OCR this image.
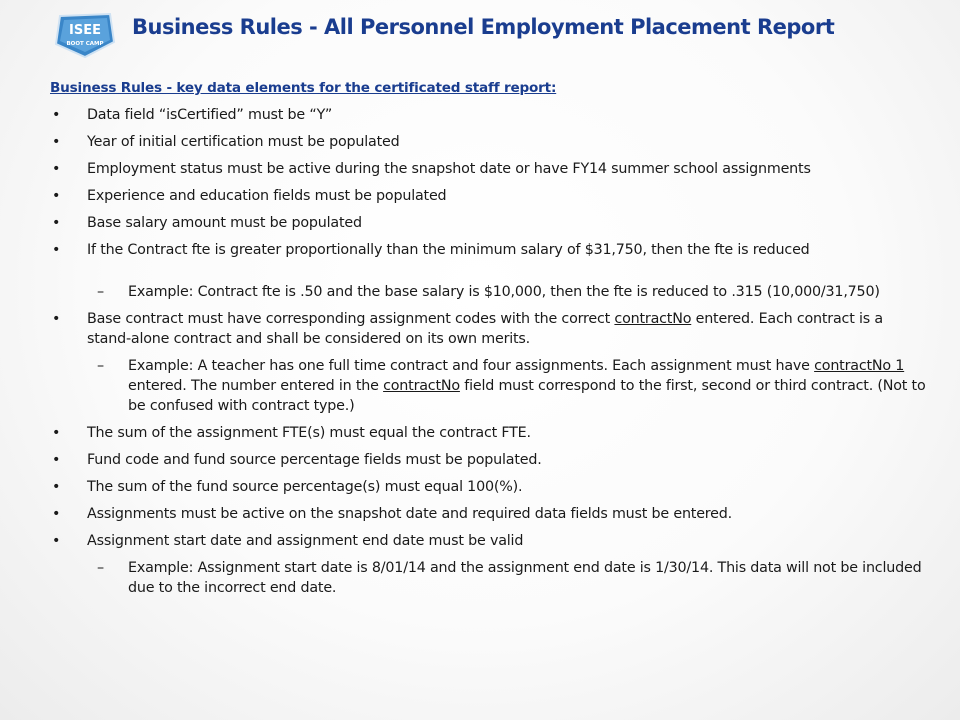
ISEE
BOOT CAMP
Business Rules - All Personnel Employment Placement Report
Business Rules - key data elements for the certificated staff report:
• Data field “isCertified” must be “Y”
• Year of initial certification must be populated
• Employment status must be active during the snapshot date or have FY14 summer school assignments
• Experience and education fields must be populated
• Base salary amount must be populated
• If the Contract fte is greater proportionally than the minimum salary of $31,750, then the fte is reduced
– Example: Contract fte is .50 and the base salary is $10,000, then the fte is reduced to .315 (10,000/31,750)
• Base contract must have corresponding assignment codes with the correct contractNo entered. Each contract is a stand-alone contract and shall be considered on its own merits.
– Example: A teacher has one full time contract and four assignments. Each assignment must have contractNo 1 entered. The number entered in the contractNo field must correspond to the first, second or third contract. (Not to be confused with contract type.)
• The sum of the assignment FTE(s) must equal the contract FTE.
• Fund code and fund source percentage fields must be populated.
• The sum of the fund source percentage(s) must equal 100(%).
• Assignments must be active on the snapshot date and required data fields must be entered.
• Assignment start date and assignment end date must be valid
– Example: Assignment start date is 8/01/14 and the assignment end date is 1/30/14. This data will not be included due to the incorrect end date.
